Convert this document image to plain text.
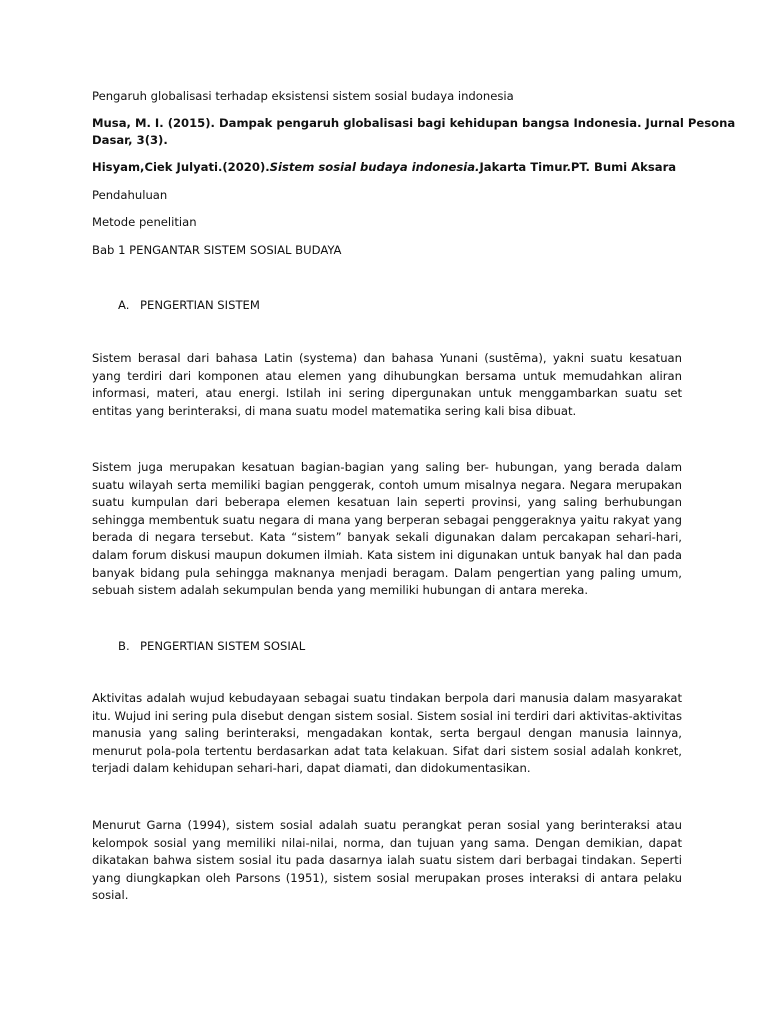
Pengaruh globalisasi terhadap eksistensi sistem sosial budaya indonesia
Musa, M. I. (2015). Dampak pengaruh globalisasi bagi kehidupan bangsa Indonesia. Jurnal Pesona
Dasar, 3(3).
Hisyam,Ciek Julyati.(2020).Sistem sosial budaya indonesia.Jakarta Timur.PT. Bumi Aksara
Pendahuluan
Metode penelitian
Bab 1 PENGANTAR SISTEM SOSIAL BUDAYA
A. PENGERTIAN SISTEM
Sistem berasal dari bahasa Latin (systema) dan bahasa Yunani (sustēma), yakni suatu kesatuan yang terdiri dari komponen atau elemen yang dihubungkan bersama untuk memudahkan aliran informasi, materi, atau energi. Istilah ini sering dipergunakan untuk menggambarkan suatu set entitas yang berinteraksi, di mana suatu model matematika sering kali bisa dibuat.
Sistem juga merupakan kesatuan bagian-bagian yang saling ber- hubungan, yang berada dalam suatu wilayah serta memiliki bagian penggerak, contoh umum misalnya negara. Negara merupakan suatu kumpulan dari beberapa elemen kesatuan lain seperti provinsi, yang saling berhubungan sehingga membentuk suatu negara di mana yang berperan sebagai penggeraknya yaitu rakyat yang berada di negara tersebut. Kata “sistem” banyak sekali digunakan dalam percakapan sehari-hari, dalam forum diskusi maupun dokumen ilmiah. Kata sistem ini digunakan untuk banyak hal dan pada banyak bidang pula sehingga maknanya menjadi beragam. Dalam pengertian yang paling umum, sebuah sistem adalah sekumpulan benda yang memiliki hubungan di antara mereka.
B. PENGERTIAN SISTEM SOSIAL
Aktivitas adalah wujud kebudayaan sebagai suatu tindakan berpola dari manusia dalam masyarakat itu. Wujud ini sering pula disebut dengan sistem sosial. Sistem sosial ini terdiri dari aktivitas-aktivitas manusia yang saling berinteraksi, mengadakan kontak, serta bergaul dengan manusia lainnya, menurut pola-pola tertentu berdasarkan adat tata kelakuan. Sifat dari sistem sosial adalah konkret, terjadi dalam kehidupan sehari-hari, dapat diamati, dan didokumentasikan.
Menurut Garna (1994), sistem sosial adalah suatu perangkat peran sosial yang berinteraksi atau kelompok sosial yang memiliki nilai-nilai, norma, dan tujuan yang sama. Dengan demikian, dapat dikatakan bahwa sistem sosial itu pada dasarnya ialah suatu sistem dari berbagai tindakan. Seperti yang diungkapkan oleh Parsons (1951), sistem sosial merupakan proses interaksi di antara pelaku sosial.
